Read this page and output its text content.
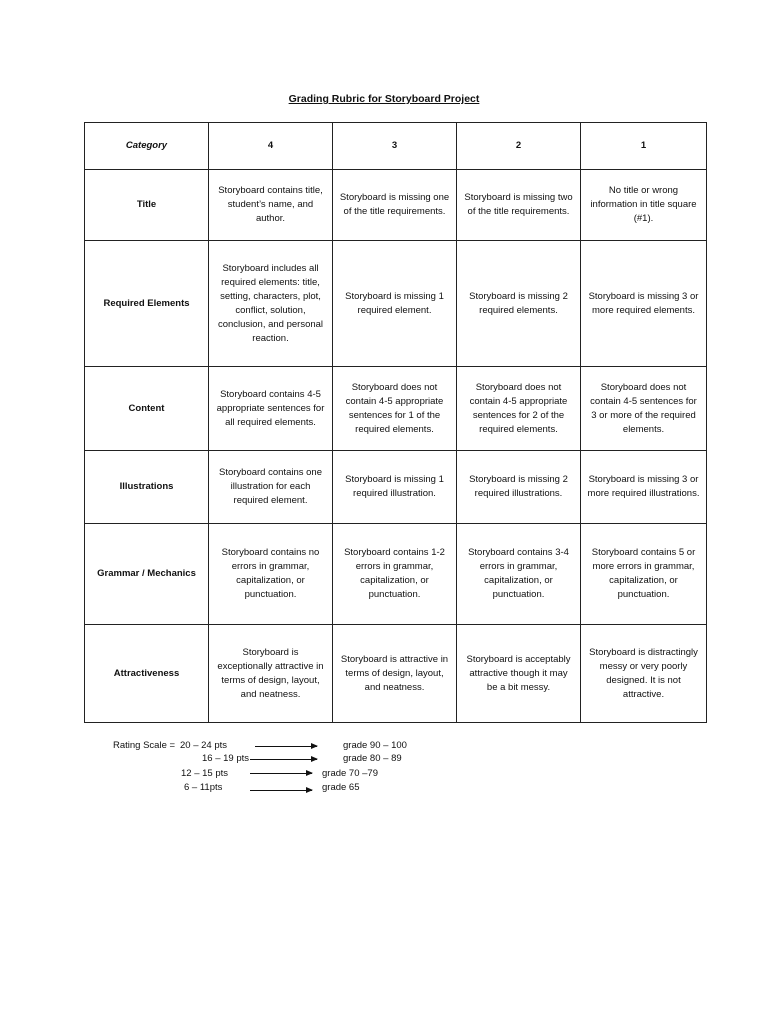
Grading Rubric for Storyboard Project
Category	4	3	2	1
Title	Storyboard contains title, student’s name, and author.	Storyboard is missing one of the title requirements.	Storyboard is missing two of the title requirements.	No title or wrong information in title square (#1).
Required Elements	Storyboard includes all required elements: title, setting, characters, plot, conflict, solution, conclusion, and personal reaction.	Storyboard is missing 1 required element.	Storyboard is missing 2 required elements.	Storyboard is missing 3 or more required elements.
Content	Storyboard contains 4-5 appropriate sentences for all required elements.	Storyboard does not contain 4-5 appropriate sentences for 1 of the required elements.	Storyboard does not contain 4-5 appropriate sentences for 2 of the required elements.	Storyboard does not contain 4-5 sentences for 3 or more of the required elements.
Illustrations	Storyboard contains one illustration for each required element.	Storyboard is missing 1 required illustration.	Storyboard is missing 2 required illustrations.	Storyboard is missing 3 or more required illustrations.
Grammar / Mechanics	Storyboard contains no errors in grammar, capitalization, or punctuation.	Storyboard contains 1-2 errors in grammar, capitalization, or punctuation.	Storyboard contains 3-4 errors in grammar, capitalization, or punctuation.	Storyboard contains 5 or more errors in grammar, capitalization, or punctuation.
Attractiveness	Storyboard is exceptionally attractive in terms of design, layout, and neatness.	Storyboard is attractive in terms of design, layout, and neatness.	Storyboard is acceptably attractive though it may be a bit messy.	Storyboard is distractingly messy or very poorly designed. It is not attractive.
Rating Scale = 20 – 24 pts	grade 90 – 100
16 – 19 pts	grade 80 – 89
12 – 15 pts	grade 70 –79
6 – 11pts	grade 65
